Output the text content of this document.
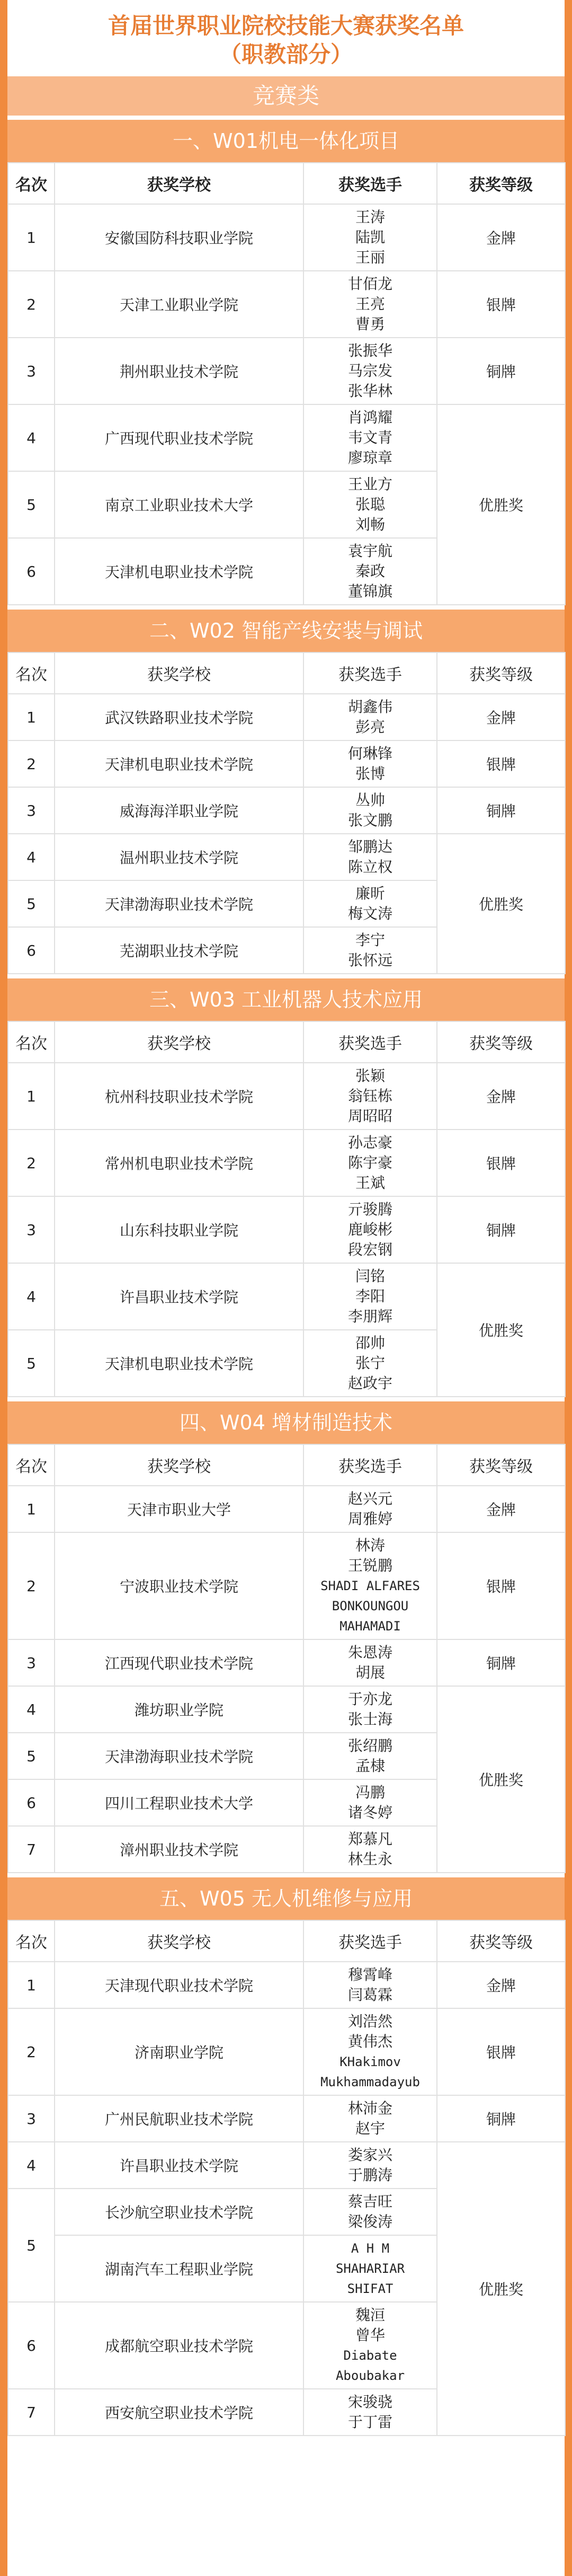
首届世界职业院校技能大赛获奖名单
（职教部分）
竞赛类
一、W01机电一体化项目
名次	获奖学校	获奖选手	获奖等级
1	安徽国防科技职业学院	王涛
陆凯
王丽	金牌
2	天津工业职业学院	甘佰龙
王亮
曹勇	银牌
3	荆州职业技术学院	张振华
马宗发
张华林	铜牌
4	广西现代职业技术学院	肖鸿耀
韦文青
廖琼章	优胜奖
5	南京工业职业技术大学	王业方
张聪
刘畅	

6	天津机电职业技术学院	袁宇航
秦政
董锦旗	
二、W02 智能产线安装与调试
名次	获奖学校	获奖选手	获奖等级
1	武汉铁路职业技术学院	胡鑫伟
彭亮	金牌
2	天津机电职业技术学院	何琳锋
张博	银牌
3	威海海洋职业学院	丛帅
张文鹏	铜牌
4	温州职业技术学院	邹鹏达
陈立权	优胜奖
5	天津渤海职业技术学院	廉昕
梅文涛	

6	芜湖职业技术学院	李宁
张怀远	
三、W03 工业机器人技术应用
名次	获奖学校	获奖选手	获奖等级
1	杭州科技职业技术学院	张颖
翁钰栋
周昭昭	金牌
2	常州机电职业技术学院	孙志豪
陈宇豪
王斌	银牌
3	山东科技职业学院	亓骏腾
鹿峻彬
段宏钢	铜牌
4	许昌职业技术学院	闫铭
李阳
李朋辉	优胜奖
5	天津机电职业技术学院	邵帅
张宁
赵政宇	
四、W04 增材制造技术
名次	获奖学校	获奖选手	获奖等级
1	天津市职业大学	赵兴元
周雅婷	金牌
2	宁波职业技术学院	林涛
王锐鹏
SHADI ALFARES
BONKOUNGOU
MAHAMADI	银牌
3	江西现代职业技术学院	朱恩涛
胡展	铜牌
4	潍坊职业学院	于亦龙
张士海	优胜奖
5	天津渤海职业技术学院	张绍鹏
孟棣	

6	四川工程职业技术大学	冯鹏
诸冬婷	

7	漳州职业技术学院	郑慕凡
林生永	
五、W05 无人机维修与应用
名次	获奖学校	获奖选手	获奖等级
1	天津现代职业技术学院	穆霄峰
闫葛霖	金牌
2	济南职业学院	刘浩然
黄伟杰
KHakimov
Mukhammadayub	银牌
3	广州民航职业技术学院	林沛金
赵宇	铜牌
4	许昌职业技术学院	娄家兴
于鹏涛	优胜奖
5	长沙航空职业技术学院	蔡吉旺
梁俊涛	

	湖南汽车工程职业学院	A H M
SHAHARIAR
SHIFAT	

6	成都航空职业技术学院	魏洹
曾华
Diabate
Aboubakar	

7	西安航空职业技术学院	宋骏骁
于丁雷	
